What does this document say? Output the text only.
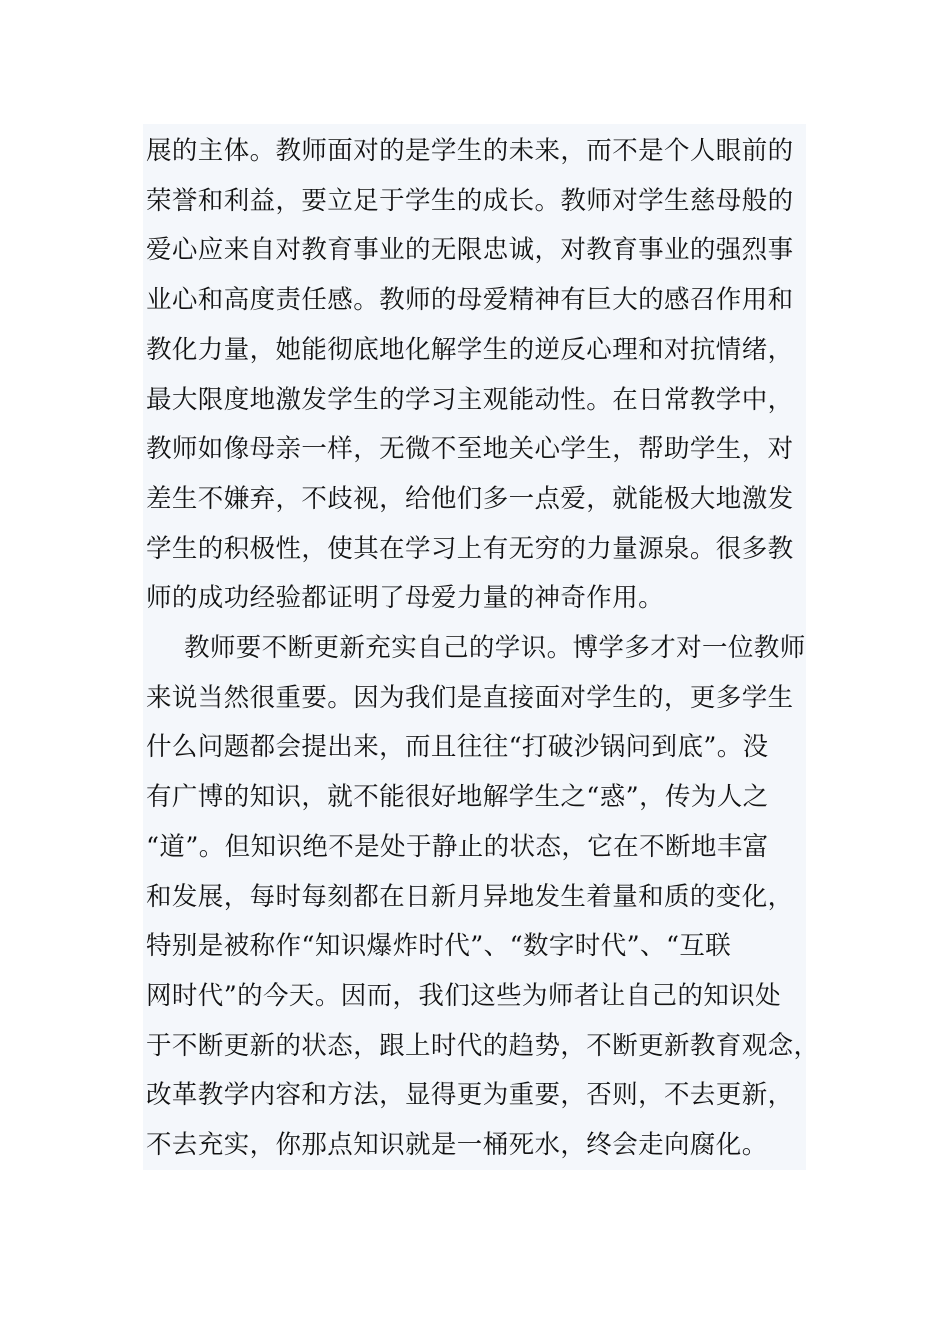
展的主体。教师面对的是学生的未来，而不是个人眼前的
荣誉和利益，要立足于学生的成长。教师对学生慈母般的
爱心应来自对教育事业的无限忠诚，对教育事业的强烈事
业心和高度责任感。教师的母爱精神有巨大的感召作用和
教化力量，她能彻底地化解学生的逆反心理和对抗情绪，
最大限度地激发学生的学习主观能动性。在日常教学中，
教师如像母亲一样，无微不至地关心学生，帮助学生，对
差生不嫌弃，不歧视，给他们多一点爱，就能极大地激发
学生的积极性，使其在学习上有无穷的力量源泉。很多教
师的成功经验都证明了母爱力量的神奇作用。
教师要不断更新充实自己的学识。博学多才对一位教师
来说当然很重要。因为我们是直接面对学生的，更多学生
什么问题都会提出来，而且往往“打破沙锅问到底”。没
有广博的知识，就不能很好地解学生之“惑”，传为人之
“道”。但知识绝不是处于静止的状态，它在不断地丰富
和发展，每时每刻都在日新月异地发生着量和质的变化，
特别是被称作“知识爆炸时代”、“数字时代”、“互联
网时代”的今天。因而，我们这些为师者让自己的知识处
于不断更新的状态，跟上时代的趋势，不断更新教育观念，
改革教学内容和方法，显得更为重要，否则，不去更新，
不去充实，你那点知识就是一桶死水，终会走向腐化。
